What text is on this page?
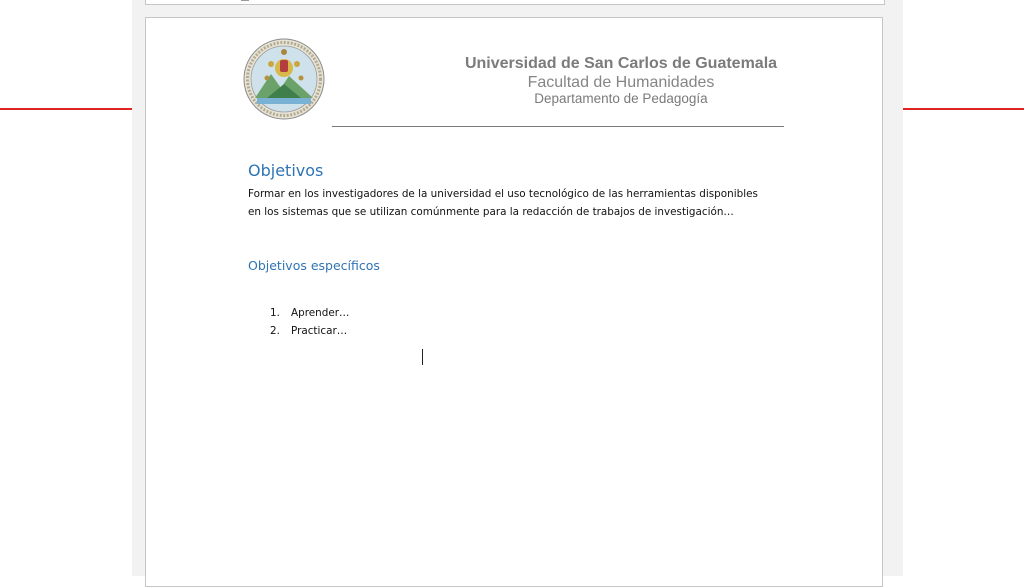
Universidad de San Carlos de Guatemala
Facultad de Humanidades
Departamento de Pedagogía
Objetivos
Formar en los investigadores de la universidad el uso tecnológico de las herramientas disponibles
en los sistemas que se utilizan comúnmente para la redacción de trabajos de investigación…
Objetivos específicos
1. Aprender…
2. Practicar…
